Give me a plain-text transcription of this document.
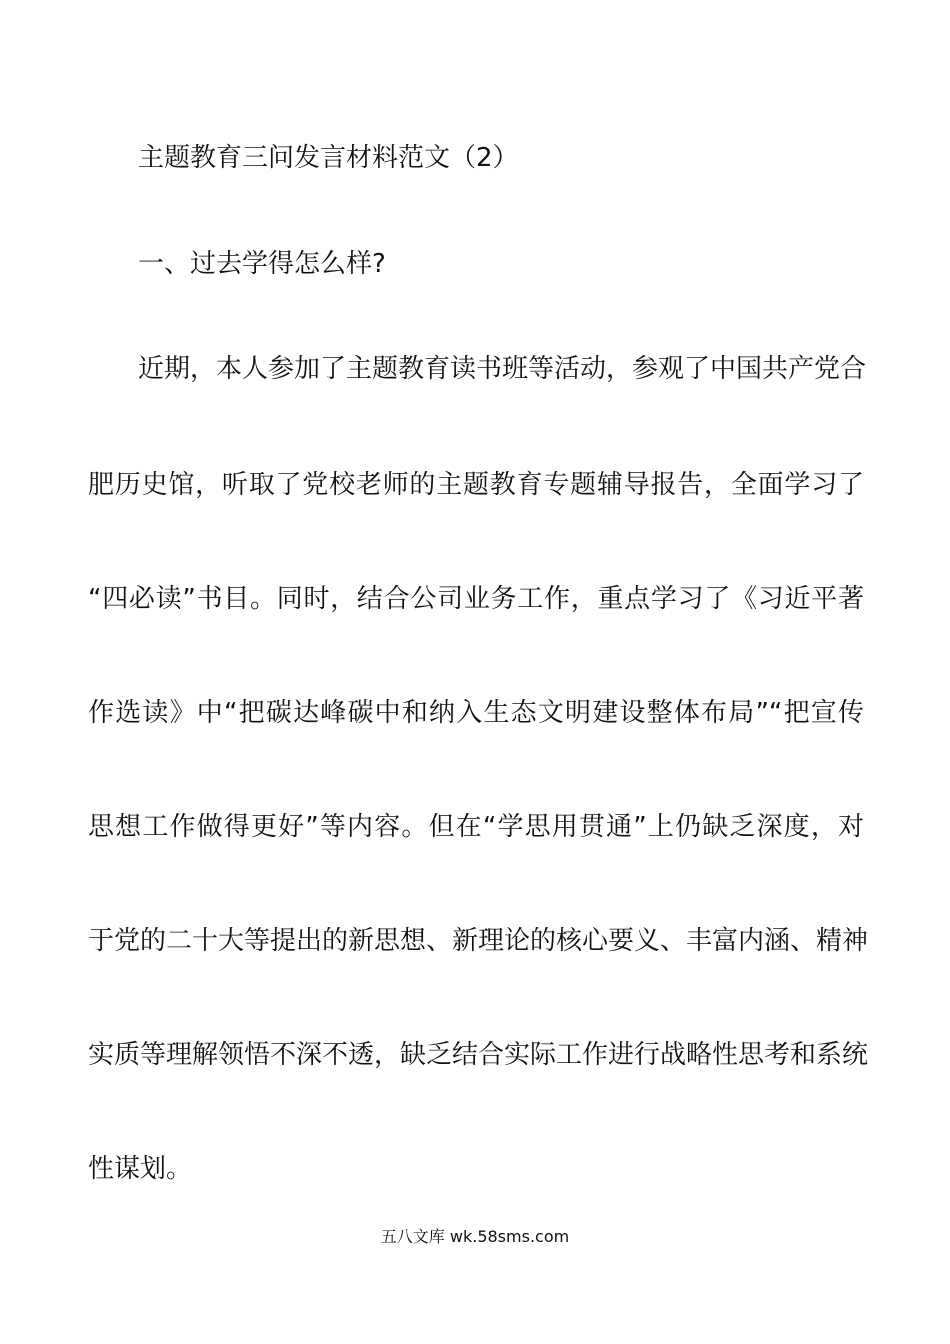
主题教育三问发言材料范文（2）
一、过去学得怎么样?
近期，本人参加了主题教育读书班等活动，参观了中国共产党合
肥历史馆，听取了党校老师的主题教育专题辅导报告，全面学习了
“四必读”书目。同时，结合公司业务工作，重点学习了《习近平著
作选读》中“把碳达峰碳中和纳入生态文明建设整体布局”“把宣传
思想工作做得更好”等内容。但在“学思用贯通”上仍缺乏深度，对
于党的二十大等提出的新思想、新理论的核心要义、丰富内涵、精神
实质等理解领悟不深不透，缺乏结合实际工作进行战略性思考和系统
性谋划。
五八文库 wk.58sms.com
